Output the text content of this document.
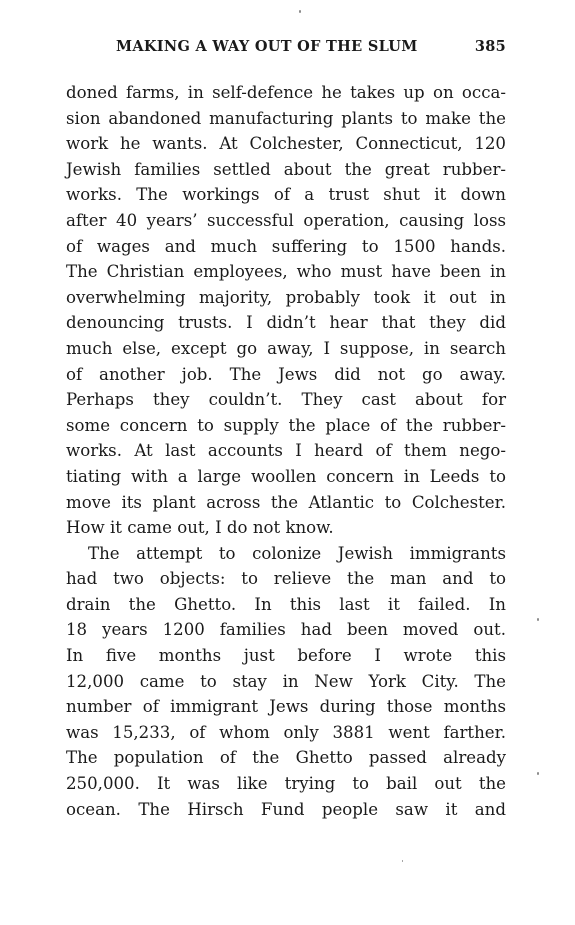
MAKING A WAY OUT OF THE SLUM	385
doned farms, in self-defence he takes up on occa-
sion abandoned manufacturing plants to make the
work he wants. At Colchester, Connecticut, 120
Jewish families settled about the great rubber-
works. The workings of a trust shut it down
after 40 years’ successful operation, causing loss
of wages and much suffering to 1500 hands.
The Christian employees, who must have been in
overwhelming majority, probably took it out in
denouncing trusts. I didn’t hear that they did
much else, except go away, I suppose, in search
of another job. The Jews did not go away.
Perhaps they couldn’t. They cast about for
some concern to supply the place of the rubber-
works. At last accounts I heard of them nego-
tiating with a large woollen concern in Leeds to
move its plant across the Atlantic to Colchester.
How it came out, I do not know.
The attempt to colonize Jewish immigrants
had two objects: to relieve the man and to
drain the Ghetto. In this last it failed. In
18 years 1200 families had been moved out.
In five months just before I wrote this
12,000 came to stay in New York City. The
number of immigrant Jews during those months
was 15,233, of whom only 3881 went farther.
The population of the Ghetto passed already
250,000. It was like trying to bail out the
ocean. The Hirsch Fund people saw it and
